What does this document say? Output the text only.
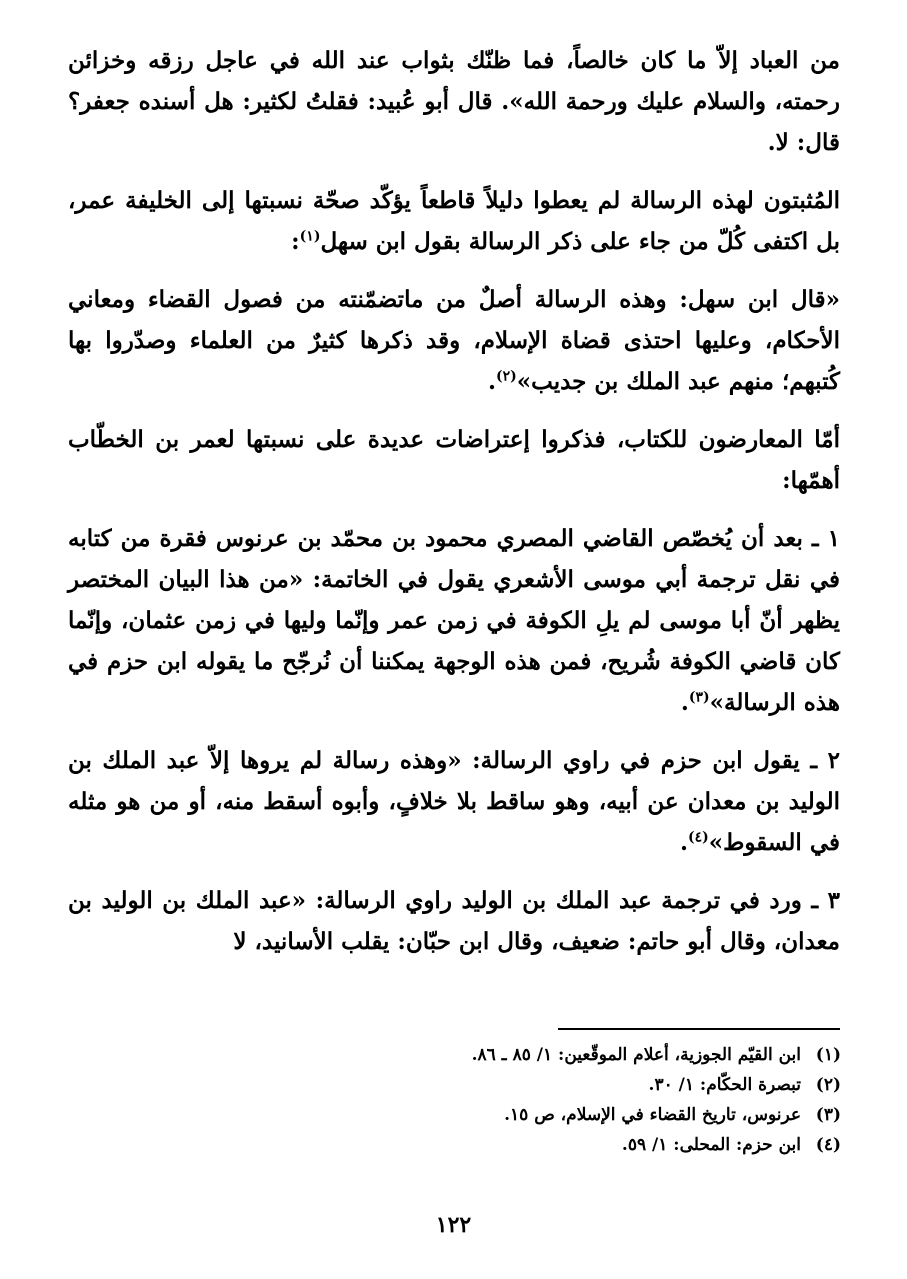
من العباد إلاّ ما كان خالصاً، فما ظنّك بثواب عند الله في عاجل رزقه وخزائن رحمته، والسلام عليك ورحمة الله». قال أبو عُبيد: فقلتُ لكثير: هل أسنده جعفر؟ قال: لا.

المُثبتون لهذه الرسالة لم يعطوا دليلاً قاطعاً يؤكّد صحّة نسبتها إلى الخليفة عمر، بل اكتفى كُلّ من جاء على ذكر الرسالة بقول ابن سهل$^{(١)}$:

«قال ابن سهل: وهذه الرسالة أصلٌ من ماتضمّنته من فصول القضاء ومعاني الأحكام، وعليها احتذى قضاة الإسلام، وقد ذكرها كثيرٌ من العلماء وصدّروا بها كُتبهم؛ منهم عبد الملك بن جديب»$^{(٢)}$.

أمّا المعارضون للكتاب، فذكروا إعتراضات عديدة على نسبتها لعمر بن الخطّاب أهمّها:

١ ـ بعد أن يُخصّص القاضي المصري محمود بن محمّد بن عرنوس فقرة من كتابه في نقل ترجمة أبي موسى الأشعري يقول في الخاتمة: «من هذا البيان المختصر يظهر أنّ أبا موسى لم يلِ الكوفة في زمن عمر وإنّما وليها في زمن عثمان، وإنّما كان قاضي الكوفة شُريح، فمن هذه الوجهة يمكننا أن نُرجّح ما يقوله ابن حزم في هذه الرسالة»$^{(٣)}$.

٢ ـ يقول ابن حزم في راوي الرسالة: «وهذه رسالة لم يروها إلاّ عبد الملك بن الوليد بن معدان عن أبيه، وهو ساقط بلا خلافٍ، وأبوه أسقط منه، أو من هو مثله في السقوط»$^{(٤)}$.

٣ ـ ورد في ترجمة عبد الملك بن الوليد راوي الرسالة: «عبد الملك بن الوليد بن معدان، وقال أبو حاتم: ضعيف، وقال ابن حبّان: يقلب الأسانيد، لا

(١)ابن القيّم الجوزية، أعلام الموقّعين: ١/ ٨٥ ـ ٨٦.
(٢)تبصرة الحكّام: ١/ ٣٠.
(٣)عرنوس، تاريخ القضاء في الإسلام، ص ١٥.
(٤)ابن حزم: المحلى: ١/ ٥٩.
١٢٢
